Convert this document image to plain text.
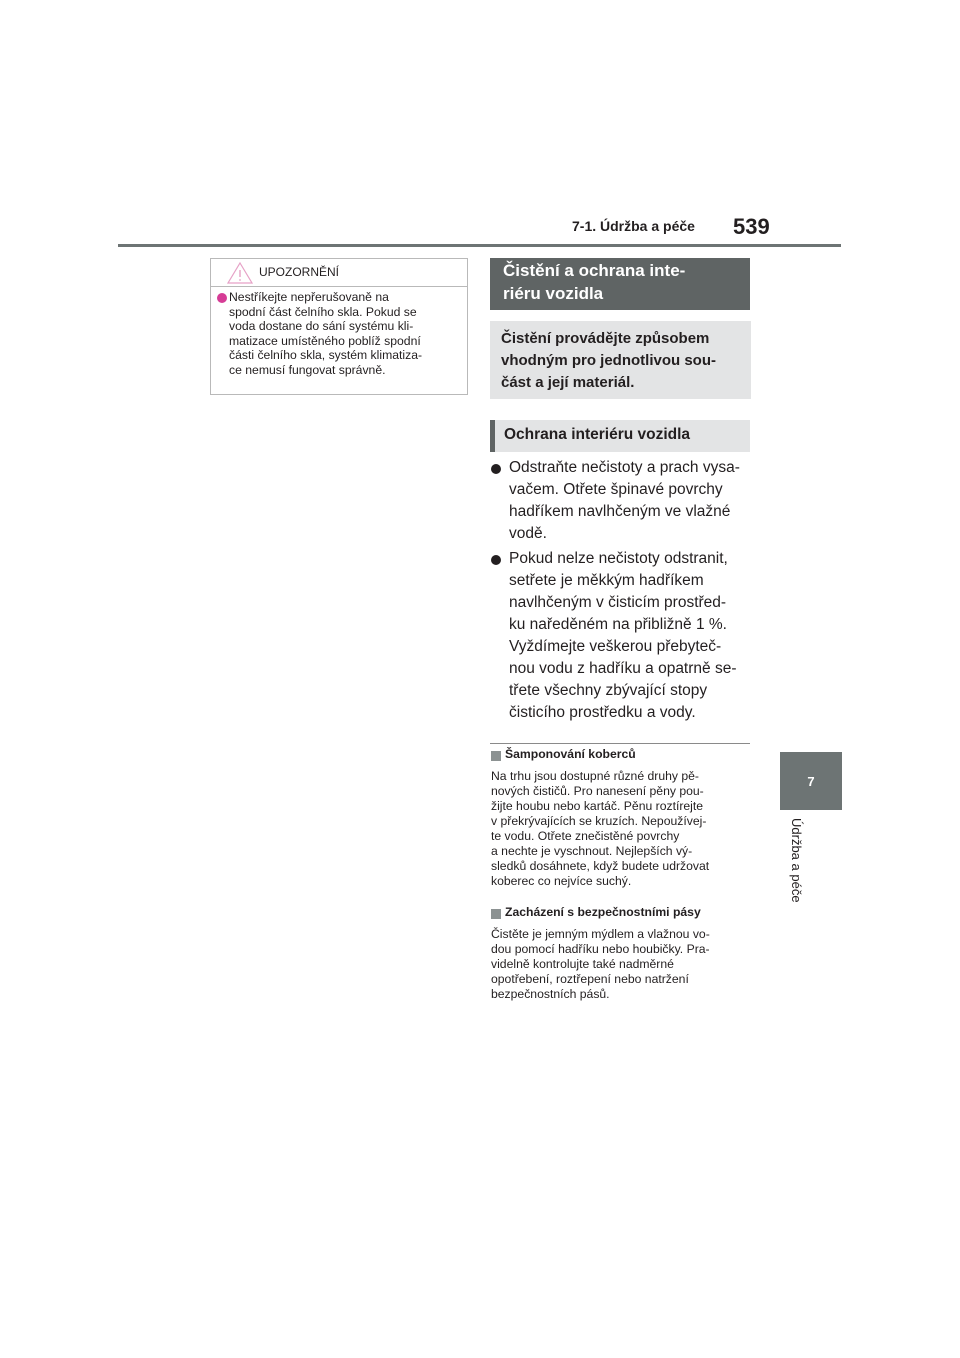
7-1. Údržba a péče 539
7
Údržba a péče
UPOZORNĚNÍ
Nestříkejte nepřerušovaně na
spodní část čelního skla. Pokud se
voda dostane do sání systému kli-
matizace umístěného poblíž spodní
části čelního skla, systém klimatiza-
ce nemusí fungovat správně.
Čistění a ochrana inte-
riéru vozidla
Čistění provádějte způsobem
vhodným pro jednotlivou sou-
část a její materiál.
Ochrana interiéru vozidla
Odstraňte nečistoty a prach vysa-
vačem. Otřete špinavé povrchy
hadříkem navlhčeným ve vlažné
vodě.
Pokud nelze nečistoty odstranit,
setřete je měkkým hadříkem
navlhčeným v čisticím prostřed-
ku naředěném na přibližně 1 %.
Vyždímejte veškerou přebyteč-
nou vodu z hadříku a opatrně se-
třete všechny zbývající stopy
čisticího prostředku a vody.
Šamponování koberců
Na trhu jsou dostupné různé druhy pě-
nových čističů. Pro nanesení pěny pou-
žijte houbu nebo kartáč. Pěnu roztírejte
v překrývajících se kruzích. Nepoužívej-
te vodu. Otřete znečistěné povrchy
a nechte je vyschnout. Nejlepších vý-
sledků dosáhnete, když budete udržovat
koberec co nejvíce suchý.
Zacházení s bezpečnostními pásy
Čistěte je jemným mýdlem a vlažnou vo-
dou pomocí hadříku nebo houbičky. Pra-
videlně kontrolujte také nadměrné
opotřebení, roztřepení nebo natržení
bezpečnostních pásů.
